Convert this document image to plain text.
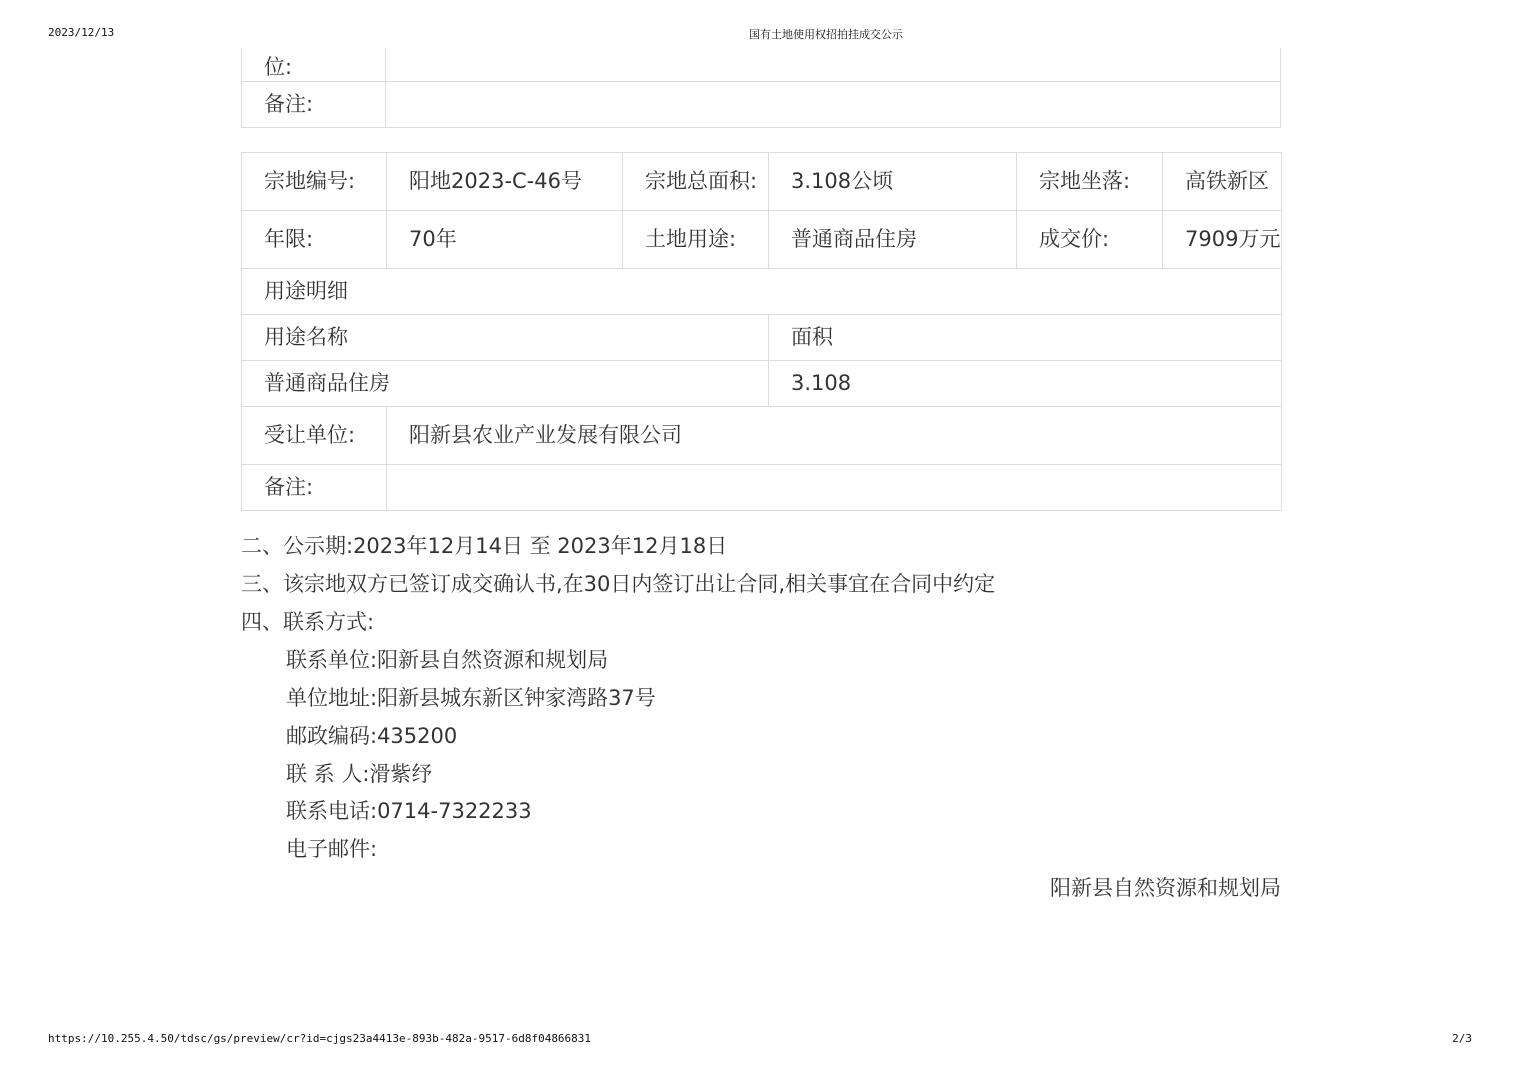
2023/12/13	国有土地使用权招拍挂成交公示
位:	
备注:	
宗地编号:	阳地2023-C-46号	宗地总面积:	3.108公顷	宗地坐落:	高铁新区
年限:	70年	土地用途:	普通商品住房	成交价:	7909万元
用途明细					
用途名称			面积		
普通商品住房			3.108		
受让单位:	阳新县农业产业发展有限公司				
备注:					
二、公示期:2023年12月14日 至 2023年12月18日
三、该宗地双方已签订成交确认书,在30日内签订出让合同,相关事宜在合同中约定
四、联系方式:
联系单位:阳新县自然资源和规划局
单位地址:阳新县城东新区钟家湾路37号
邮政编码:435200
联 系 人:滑紫纾
联系电话:0714-7322233
电子邮件:
阳新县自然资源和规划局
https://10.255.4.50/tdsc/gs/preview/cr?id=cjgs23a4413e-893b-482a-9517-6d8f04866831	2/3
